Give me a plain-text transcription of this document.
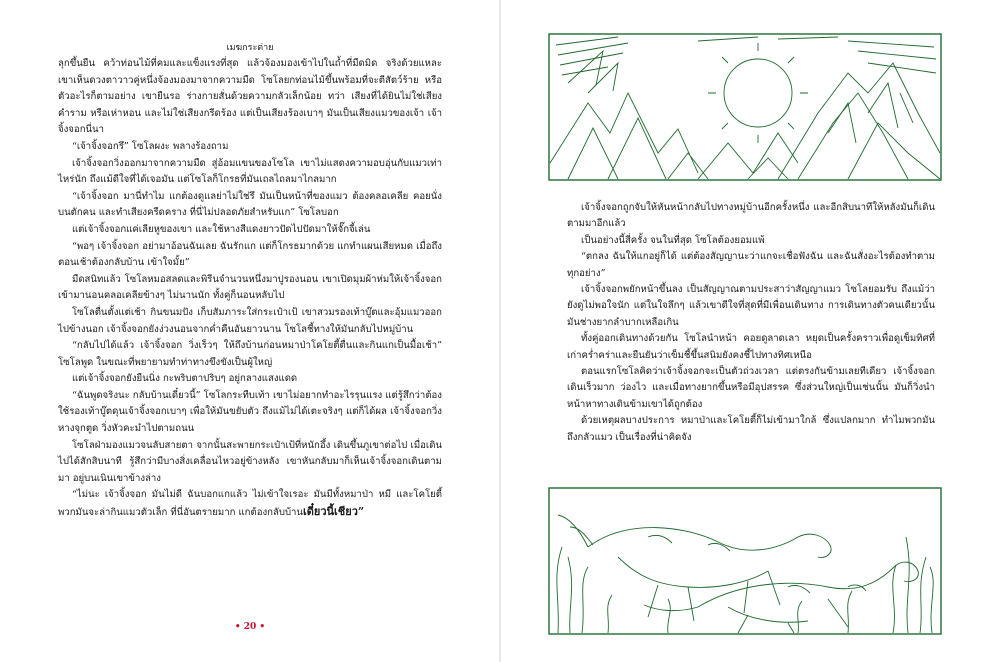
เมฆกระต่าย

ลุกขึ้นยืน คว้าท่อนไม้ที่คมและแข็งแรงที่สุด แล้วจ้องมองเข้าไปในถ้ำที่มืดมิด จริงด้วยแหละ เขาเห็นดวงตาวาวคู่หนึ่งจ้องมองมาจากความมืด โซโลยกท่อนไม้ขึ้นพร้อมที่จะตีสัตว์ร้าย หรือตัวอะไรก็ตามอย่าง เขายืนรอ ร่างกายสั่นด้วยความกลัวเล็กน้อย ทว่า เสียงที่ได้ยินไม่ใช่เสียงคำราม หรือเห่าหอน และไม่ใช่เสียงกรีดร้อง แต่เป็นเสียงร้องเบาๆ มันเป็นเสียงแมวของเจ้า เจ้าจิ้งจอกนี่นา

“เจ้าจิ้งจอกรึ” โซโลผงะ พลางร้องถาม

เจ้าจิ้งจอกวิ่งออกมาจากความมืด สู่อ้อมแขนของโซโล เขาไม่แสดงความอบอุ่นกับแมวเท่าไหร่นัก ถึงแม้ดีใจที่ได้เจอมัน แต่โซโลก็โกรธที่มันเถลไถลมาไกลมาก

“เจ้าจิ้งจอก มานี่ทำไม แกต้องดูแลย่าไม่ใช่รึ มันเป็นหน้าที่ของแมว ต้องคลอเคลีย คอยนั่งบนตักคน และทำเสียงครืดคราง ที่นี่ไม่ปลอดภัยสำหรับแก” โซโลบอก

แต่เจ้าจิ้งจอกแค่เลียหูของเขา และใช้หางสีแดงยาวปัดไปปัดมาให้จั๊กจี้เล่น

“พอๆ เจ้าจิ้งจอก อย่ามาอ้อนฉันเลย ฉันรักแก แต่ก็โกรธมากด้วย แกทำแผนเสียหมด เมื่อถึงตอนเช้าต้องกลับบ้าน เข้าใจมั้ย”

มืดสนิทแล้ว โซโลหมอสลดและพิรีนจำนวนหนึ่งมาปูรองนอน เขาเปิดมุมผ้าห่มให้เจ้าจิ้งจอกเข้ามานอนคลอเคลียข้างๆ ไม่นานนัก ทั้งคู่ก็นอนหลับไป

โซโลตื่นตั้งแต่เช้า กินขนมปัง เก็บสัมภาระใส่กระเป๋าเป้ เขาสวมรองเท้าบู๊ตและอุ้มแมวออกไปข้างนอก เจ้าจิ้งจอกยังง่วงนอนจากค่ำคืนอันยาวนาน โซโลชี้ทางให้มันกลับไปหมู่บ้าน

“กลับไปได้แล้ว เจ้าจิ้งจอก วิ่งเร็วๆ ให้ถึงบ้านก่อนหมาป่าโคโยตี้ตื่นและกินแกเป็นมื้อเช้า” โซโลพูด ในขณะที่พยายามทำท่าทางขึงขังเป็นผู้ใหญ่

แต่เจ้าจิ้งจอกยังยืนนิ่ง กะพริบตาปริบๆ อยู่กลางแสงแดด

“ฉันพูดจริงนะ กลับบ้านเดี๋ยวนี้” โซโลกระทืบเท้า เขาไม่อยากทำอะไรรุนแรง แต่รู้สึกว่าต้องใช้รองเท้าบู๊ตดุนเจ้าจิ้งจอกเบาๆ เพื่อให้มันขยับตัว ถึงแม้ไม่ได้เตะจริงๆ แต่ก็ได้ผล เจ้าจิ้งจอกวิ่งหางจุกตูด วิ่งหัวคะมำไปตามถนน

โซโลฝ่ามองแมวจนลับสายตา จากนั้นสะพายกระเป๋าเป้ที่หนักอึ้ง เดินขึ้นภูเขาต่อไป เมื่อเดินไปได้สักสิบนาที รู้สึกว่ามีบางสิ่งเคลื่อนไหวอยู่ข้างหลัง เขาหันกลับมาก็เห็นเจ้าจิ้งจอกเดินตามมา อยู่บนเนินเขาข้างล่าง

“ไม่นะ เจ้าจิ้งจอก มันไม่ดี ฉันบอกแกแล้ว ไม่เข้าใจเรอะ มันมีทั้งหมาป่า หมี และโคโยตี้ พวกมันจะล่ากินแมวตัวเล็ก ที่นี่อันตรายมาก แกต้องกลับบ้านเดี๋ยวนี้เชียว”

• 20 •

เจ้าจิ้งจอกถูกจับให้หันหน้ากลับไปทางหมู่บ้านอีกครั้งหนึ่ง และอีกสิบนาทีให้หลังมันก็เดินตามมาอีกแล้ว

เป็นอย่างนี้สี่ครั้ง จนในที่สุด โซโลต้องยอมแพ้

“ตกลง ฉันให้แกอยู่ก็ได้ แต่ต้องสัญญานะว่าแกจะเชื่อฟังฉัน และฉันสั่งอะไรต้องทำตามทุกอย่าง”

เจ้าจิ้งจอกพยักหน้าขึ้นลง เป็นสัญญาณตามประสาว่าสัญญาแมว โซโลยอมรับ ถึงแม้ว่ายังดูไม่พอใจนัก แต่ในใจลึกๆ แล้วเขาดีใจที่สุดที่มีเพื่อนเดินทาง การเดินทางตัวคนเดียวนั้นมันช่างยากลำบากเหลือเกิน

ทั้งคู่ออกเดินทางด้วยกัน โซโลนำหน้า คอยดูลาดเลา หยุดเป็นครั้งคราวเพื่อดูเข็มทิศที่เก่าคร่ำคร่าและยืนยันว่าเข็มชี้ขึ้นสนิมยังคงชี้ไปทางทิศเหนือ

ตอนแรกโซโลคิดว่าเจ้าจิ้งจอกจะเป็นตัวถ่วงเวลา แต่ตรงกันข้ามเลยทีเดียว เจ้าจิ้งจอกเดินเร็วมาก ว่องไว และเมื่อทางยากขึ้นหรือมีอุปสรรค ซึ่งส่วนใหญ่เป็นเช่นนั้น มันก็วิ่งนำหน้าหาทางเดินข้ามเขาได้ถูกต้อง

ด้วยเหตุผลบางประการ หมาป่าและโคโยตี้ก็ไม่เข้ามาใกล้ ซึ่งแปลกมาก ทำไมพวกมันถึงกลัวแมว เป็นเรื่องที่น่าคิดจัง
